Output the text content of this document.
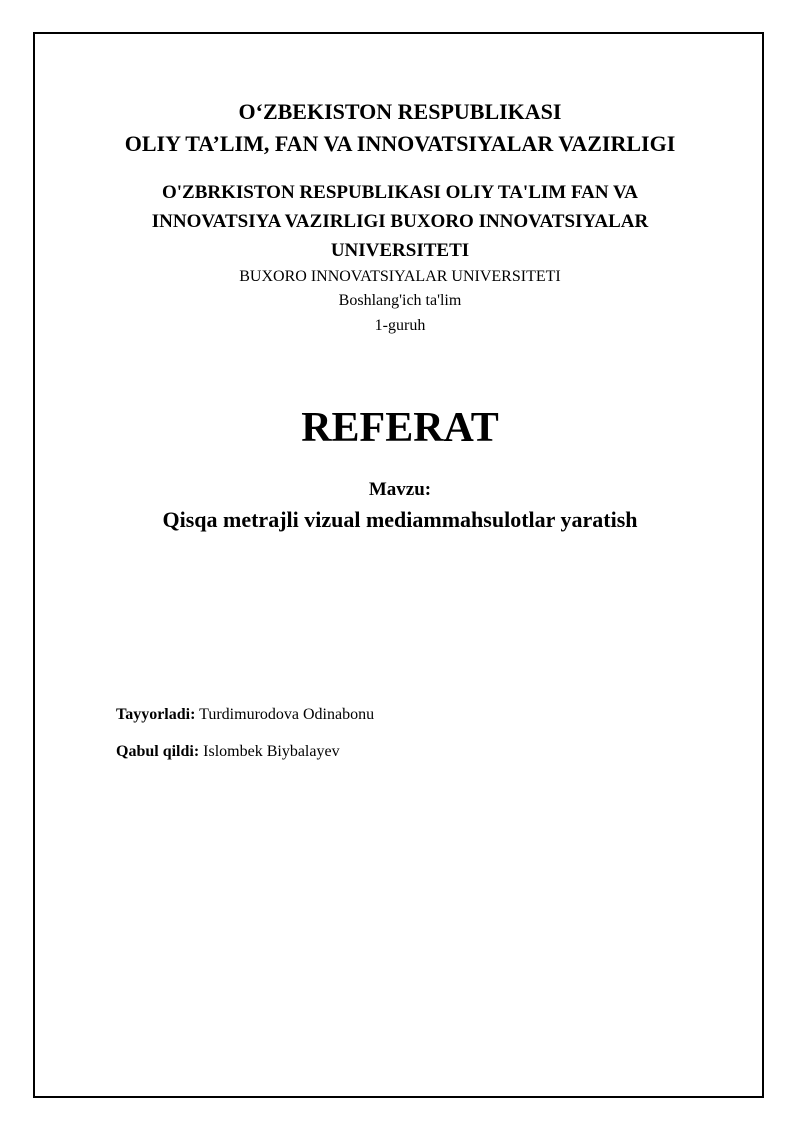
O‘ZBEKISTON RESPUBLIKASI
OLIY TA’LIM, FAN VA INNOVATSIYALAR VAZIRLIGI
O'ZBRKISTON RESPUBLIKASI OLIY TA'LIM FAN VA
INNOVATSIYA VAZIRLIGI BUXORO INNOVATSIYALAR
UNIVERSITETI
BUXORO INNOVATSIYALAR UNIVERSITETI
Boshlang'ich ta'lim
1-guruh
REFERAT
Mavzu:
Qisqa metrajli vizual mediammahsulotlar yaratish
Tayyorladi: Turdimurodova Odinabonu
Qabul qildi: Islombek Biybalayev
